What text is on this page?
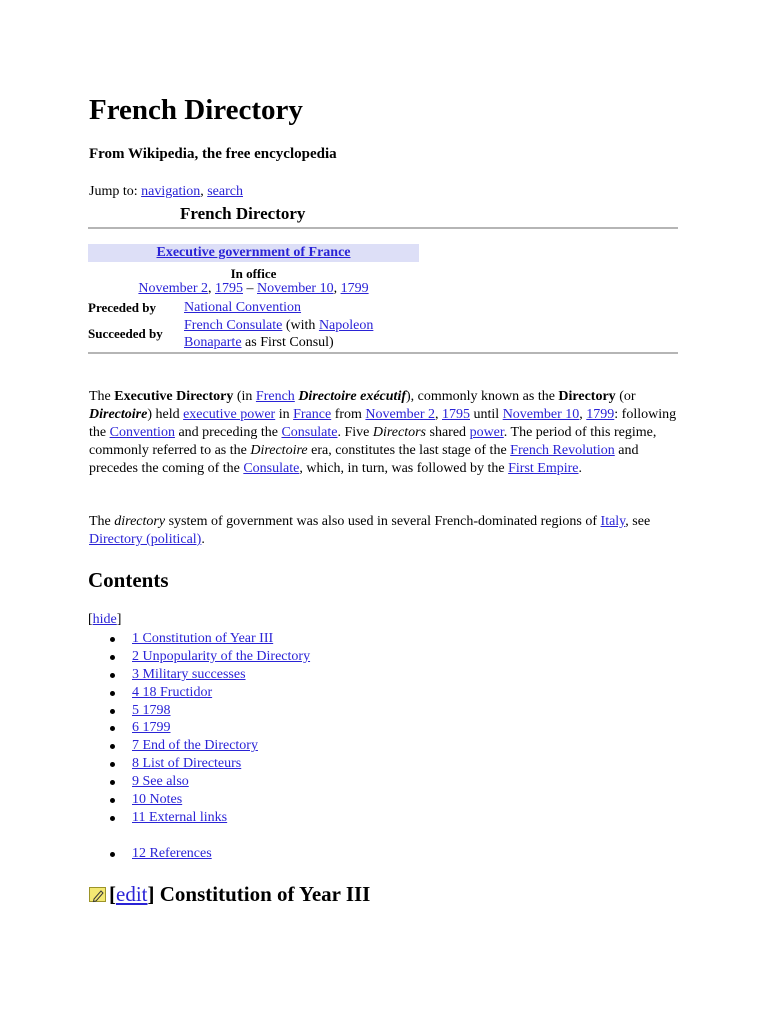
French Directory
From Wikipedia, the free encyclopedia
Jump to: navigation, search
French Directory
Executive government of France
In office
November 2, 1795 – November 10, 1799
Preceded by National Convention
Succeeded by
French Consulate (with Napoleon Bonaparte as First Consul)

The Executive Directory (in French Directoire exécutif), commonly known as the Directory (or Directoire) held executive power in France from November 2, 1795 until November 10, 1799: following the Convention and preceding the Consulate. Five Directors shared power. The period of this regime, commonly referred to as the Directoire era, constitutes the last stage of the French Revolution and precedes the coming of the Consulate, which, in turn, was followed by the First Empire.

The directory system of government was also used in several French-dominated regions of Italy, see Directory (political).

Contents
[hide]
1 Constitution of Year III
2 Unpopularity of the Directory
3 Military successes
4 18 Fructidor
5 1798
6 1799
7 End of the Directory
8 List of Directeurs
9 See also
10 Notes
11 External links
12 References
[ edit ] Constitution of Year III
